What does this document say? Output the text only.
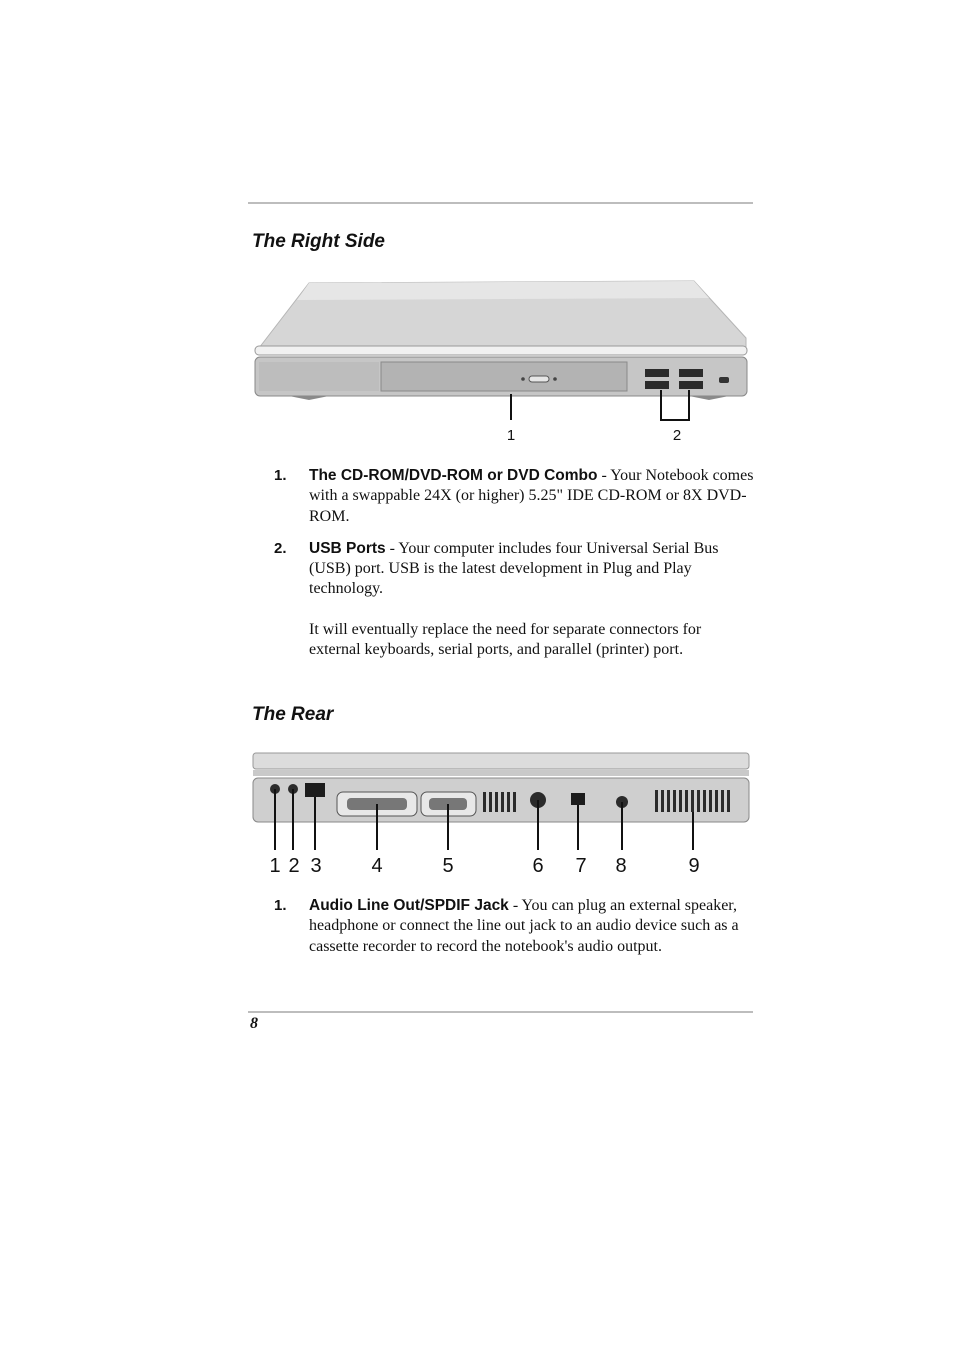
The Right Side
1	2
1. The CD-ROM/DVD-ROM or DVD Combo - Your Notebook comes with a swappable 24X (or higher) 5.25" IDE CD-ROM or 8X DVD-ROM.

2. USB Ports - Your computer includes four Universal Serial Bus (USB) port. USB is the latest development in Plug and Play technology.

It will eventually replace the need for separate connectors for external keyboards, serial ports, and parallel (printer) port.

The Rear
1 2 3 4	5	6 7 8	9
1. Audio Line Out/SPDIF Jack - You can plug an external speaker, headphone or connect the line out jack to an audio device such as a cassette recorder to record the notebook's audio output.

8
